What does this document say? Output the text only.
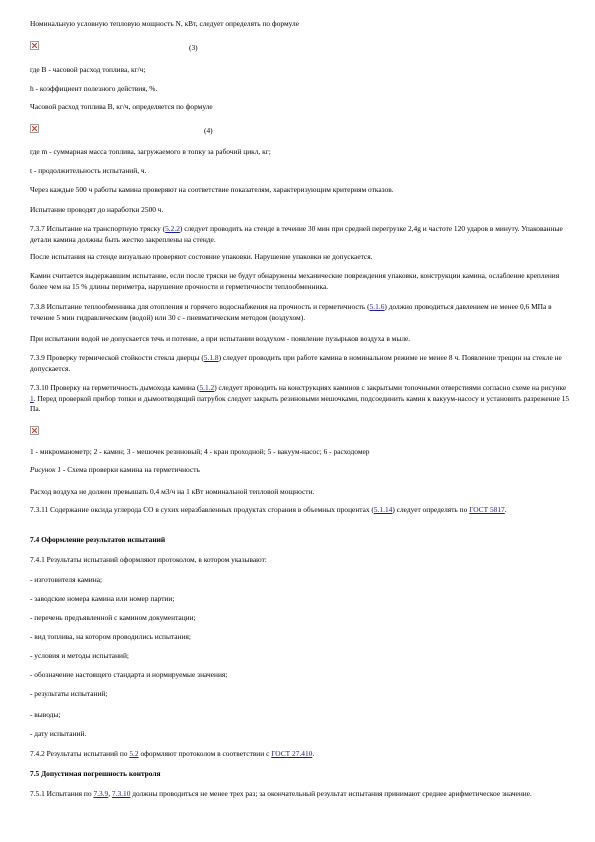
Номинальную условную тепловую мощность N, кВт, следует определять по формуле

(3)

где B - часовой расход топлива, кг/ч;

h - коэффициент полезного действия, %.

Часовой расход топлива B, кг/ч, определяется по формуле

(4)

где m - суммарная масса топлива, загружаемого в топку за рабочий цикл, кг;

t - продолжительность испытаний, ч.

Через каждые 500 ч работы камина проверяют на соответствие показателям, характеризующим критериям отказов.

Испытание проводят до наработки 2500 ч.

7.3.7 Испытание на транспортную тряску (5.2.2) следует проводить на стенде в течение 30 мин при средней перегрузке 2,4g и частоте 120 ударов в минуту. Упакованные детали камина должны быть жестко закреплены на стенде.

После испытания на стенде визуально проверяют состояние упаковки. Нарушение упаковки не допускается.

Камин считается выдержавшим испытание, если после тряски не будут обнаружены механические повреждения упаковки, конструкции камина, ослабление крепления более чем на 15 % длины периметра, нарушение прочности и герметичности теплообменника.

7.3.8 Испытание теплообменника для отопления и горячего водоснабжения на прочность и герметичность (5.1.6) должно проводиться давлением не менее 0,6 МПа в течение 5 мин гидравлическим (водой) или 30 с - пневматическим методом (воздухом).

При испытании водой не допускается течь и потение, а при испытании воздухом - появление пузырьков воздуха в мыле.

7.3.9 Проверку термической стойкости стекла дверцы (5.1.8) следует проводить при работе камина в номинальном режиме не менее 8 ч. Появление трещин на стекле не допускается.

7.3.10 Проверку на герметичность дымохода камина (5.1.2) следует проводить на конструкциях каминов с закрытыми топочными отверстиями согласно схеме на рисунке 1. Перед проверкой прибор топки и дымоотводящий патрубок следует закрыть резиновыми мешочками, подсоединить камин к вакуум-насосу и установить разрежение 15 Па.

1 - микроманометр; 2 - камин; 3 - мешочек резиновый; 4 - кран проходной; 5 - вакуум-насос; 6 - расходомер

Рисунок 1 - Схема проверки камина на герметичность

Расход воздуха не должен превышать 0,4 м3/ч на 1 кВт номинальной тепловой мощности.

7.3.11 Содержание оксида углерода CO в сухих неразбавленных продуктах сгорания в объемных процентах (5.1.14) следует определять по ГОСТ 5817.

7.4 Оформление результатов испытаний

7.4.1 Результаты испытаний оформляют протоколом, в котором указывают:

- изготовителя камина;

- заводские номера камина или номер партии;

- перечень предъявленной с камином документации;

- вид топлива, на котором проводились испытания;

- условия и методы испытаний;

- обозначение настоящего стандарта и нормируемые значения;

- результаты испытаний;

- выводы;

- дату испытаний.

7.4.2 Результаты испытаний по 5.2 оформляют протоколом в соответствии с ГОСТ 27.410.

7.5 Допустимая погрешность контроля

7.5.1 Испытания по 7.3.9, 7.3.10 должны проводиться не менее трех раз; за окончательный результат испытания принимают среднее арифметическое значение.
